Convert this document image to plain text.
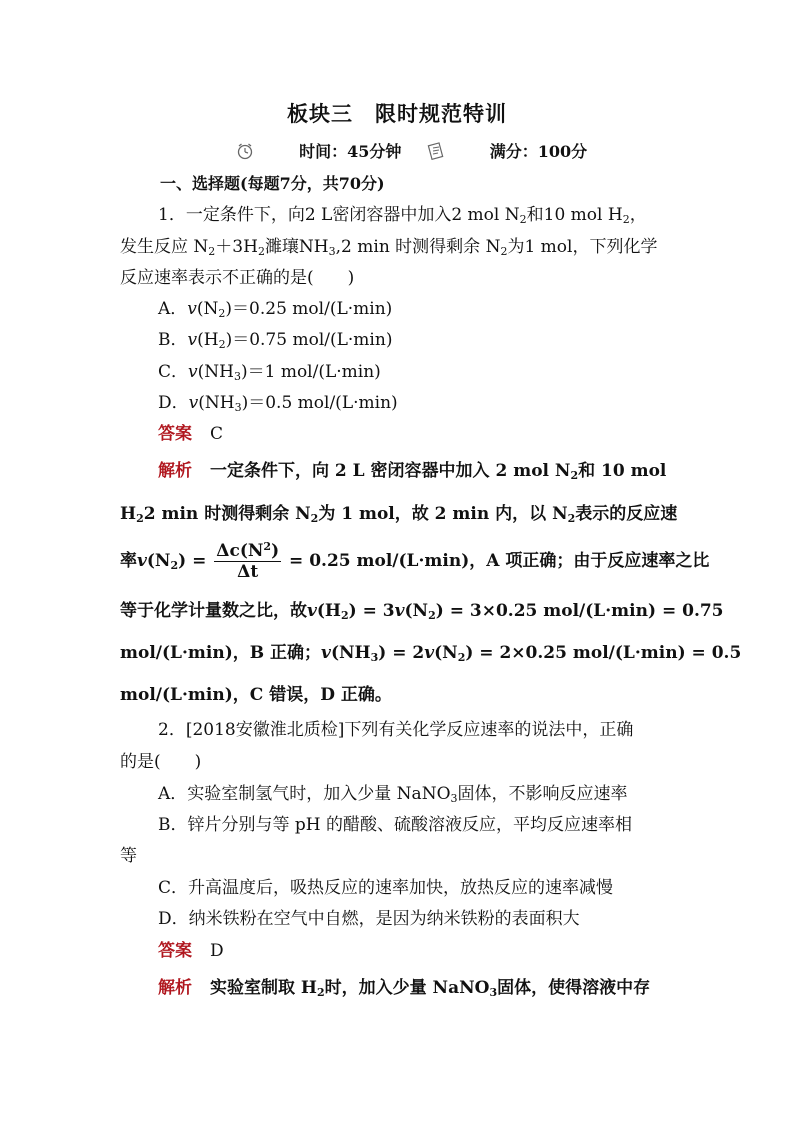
板块三　限时规范特训
时间：45分钟	满分：100分
一、选择题(每题7分，共70分)
1．一定条件下，向2 L密闭容器中加入2 mol $N_2$和10 mol $H_2$，
发生反应 $N_2+3H_2$濉瓖$NH_3,2$ min 时测得剩余 $N_2$为1 mol，下列化学
反应速率表示不正确的是(　　)
A．$v(N_2)=0.25$ mol/(L·min)
B．$v(H_2)=0.75$ mol/(L·min)
C．$v(NH_3)=1$ mol/(L·min)
D．$v(NH_3)=0.5$ mol/(L·min)
答案 C
解析 一定条件下，向 2 L 密闭容器中加入 2 mol $N_2$和 10 mol
$H_22$ min 时测得剩余 $N_2$为 1 mol，故 2 min 内，以 $N_2$表示的反应速
率$v(N_2) = \frac{\Delta c(N^2)}{\Delta t} = 0.25$ mol/(L·min)，A 项正确；由于反应速率之比
等于化学计量数之比，故$v(H_2) = 3v(N_2) = 3\times 0.25$ mol/(L·min) = 0.75
mol/(L·min)，B 正确；$v(NH_3) = 2v(N_2) = 2\times 0.25$ mol/(L·min) = 0.5
mol/(L·min)，C 错误，D 正确。
2．[2018安徽淮北质检]下列有关化学反应速率的说法中，正确
的是(　　)
A．实验室制氢气时，加入少量 NaNO$_3$固体，不影响反应速率
B．锌片分别与等 pH 的醋酸、硫酸溶液反应，平均反应速率相
等
C．升高温度后，吸热反应的速率加快，放热反应的速率减慢
D．纳米铁粉在空气中自燃，是因为纳米铁粉的表面积大
答案 D
解析 实验室制取 $H_2$时，加入少量 NaNO$_3$固体，使得溶液中存
